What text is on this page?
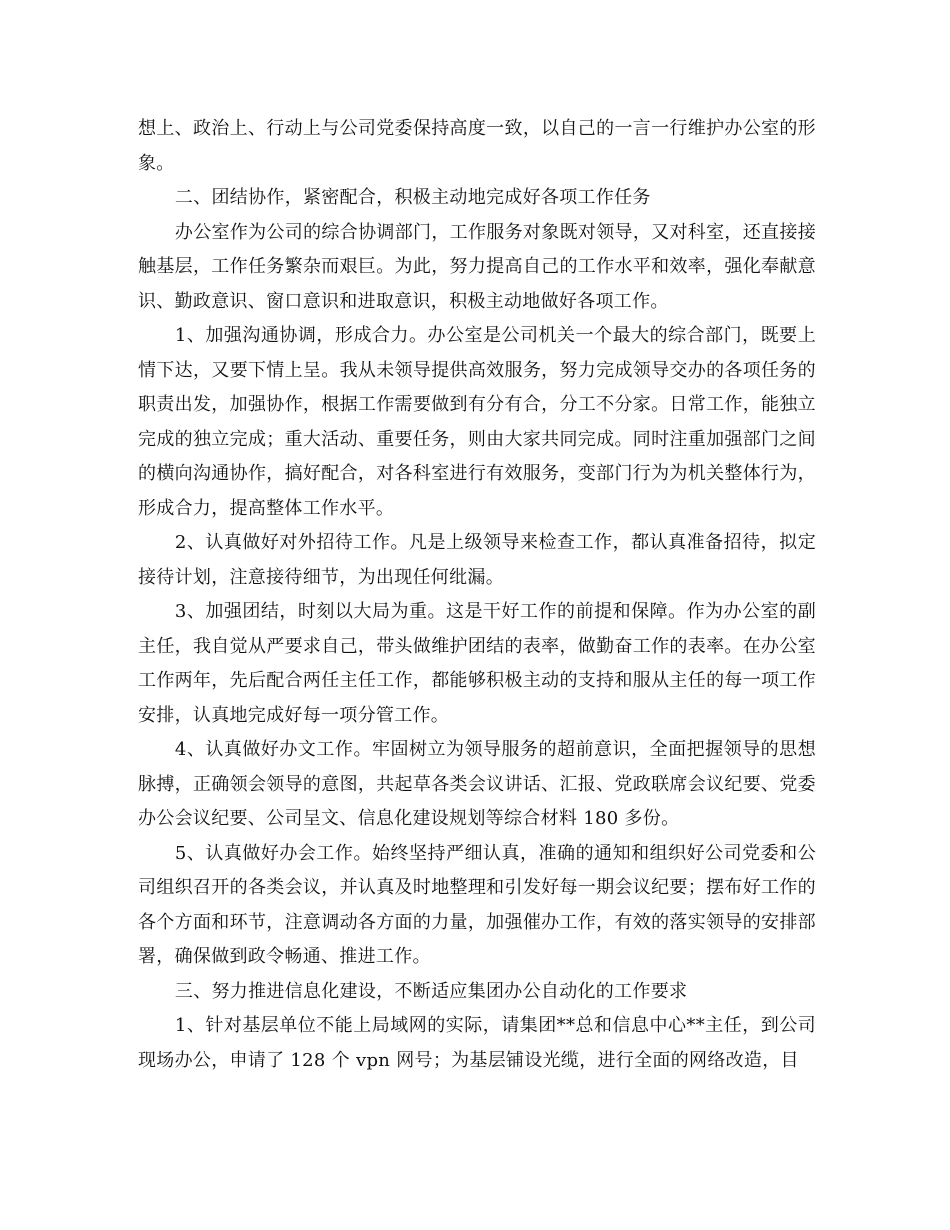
想上、政治上、行动上与公司党委保持高度一致，以自己的一言一行维护办公室的形象。

二、团结协作，紧密配合，积极主动地完成好各项工作任务

办公室作为公司的综合协调部门，工作服务对象既对领导，又对科室，还直接接触基层，工作任务繁杂而艰巨。为此，努力提高自己的工作水平和效率，强化奉献意识、勤政意识、窗口意识和进取意识，积极主动地做好各项工作。

1、加强沟通协调，形成合力。办公室是公司机关一个最大的综合部门，既要上情下达，又要下情上呈。我从未领导提供高效服务，努力完成领导交办的各项任务的职责出发，加强协作，根据工作需要做到有分有合，分工不分家。日常工作，能独立完成的独立完成；重大活动、重要任务，则由大家共同完成。同时注重加强部门之间的横向沟通协作，搞好配合，对各科室进行有效服务，变部门行为为机关整体行为，形成合力，提高整体工作水平。

2、认真做好对外招待工作。凡是上级领导来检查工作，都认真准备招待，拟定接待计划，注意接待细节，为出现任何纰漏。

3、加强团结，时刻以大局为重。这是干好工作的前提和保障。作为办公室的副主任，我自觉从严要求自己，带头做维护团结的表率，做勤奋工作的表率。在办公室工作两年，先后配合两任主任工作，都能够积极主动的支持和服从主任的每一项工作安排，认真地完成好每一项分管工作。

4、认真做好办文工作。牢固树立为领导服务的超前意识，全面把握领导的思想脉搏，正确领会领导的意图，共起草各类会议讲话、汇报、党政联席会议纪要、党委办公会议纪要、公司呈文、信息化建设规划等综合材料 180 多份。

5、认真做好办会工作。始终坚持严细认真，准确的通知和组织好公司党委和公司组织召开的各类会议，并认真及时地整理和引发好每一期会议纪要；摆布好工作的各个方面和环节，注意调动各方面的力量，加强催办工作，有效的落实领导的安排部署，确保做到政令畅通、推进工作。

三、努力推进信息化建设，不断适应集团办公自动化的工作要求

1、针对基层单位不能上局域网的实际，请集团**总和信息中心**主任，到公司现场办公，申请了 128 个 vpn 网号；为基层铺设光缆，进行全面的网络改造，目
